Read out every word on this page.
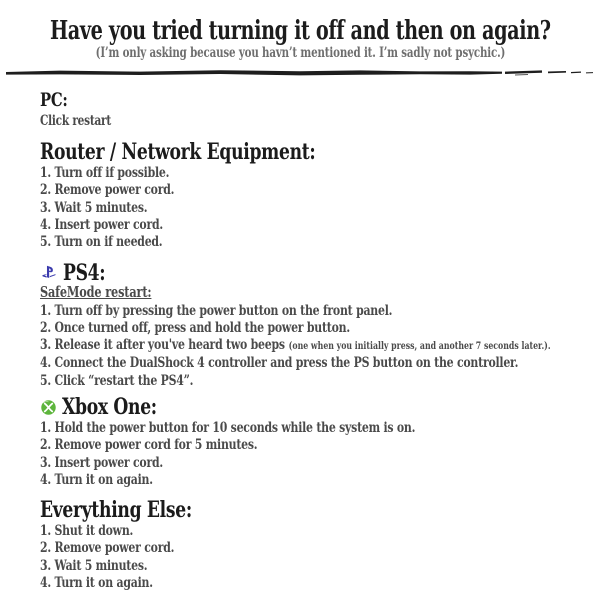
Have you tried turning it off and then on again?
(I’m only asking because you havn’t mentioned it. I’m sadly not psychic.)
PC:
Click restart
Router / Network Equipment:
1. Turn off if possible.
2. Remove power cord.
3. Wait 5 minutes.
4. Insert power cord.
5. Turn on if needed.
PS4:
SafeMode restart:
1. Turn off by pressing the power button on the front panel.
2. Once turned off, press and hold the power button.
3. Release it after you've heard two beeps (one when you initially press, and another 7 seconds later.).
4. Connect the DualShock 4 controller and press the PS button on the controller.
5. Click “restart the PS4”.
Xbox One:
1. Hold the power button for 10 seconds while the system is on.
2. Remove power cord for 5 minutes.
3. Insert power cord.
4. Turn it on again.
Everything Else:
1. Shut it down.
2. Remove power cord.
3. Wait 5 minutes.
4. Turn it on again.
